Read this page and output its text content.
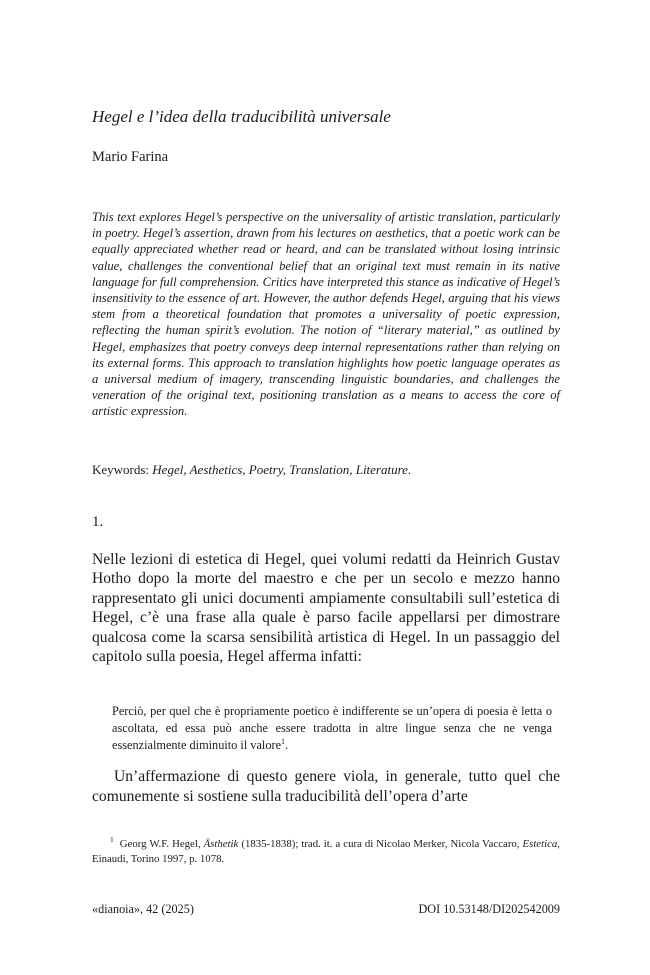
Hegel e l’idea della traducibilità universale
Mario Farina

This text explores Hegel’s perspective on the universality of artistic translation, particularly in poetry. Hegel’s assertion, drawn from his lectures on aesthetics, that a poetic work can be equally appreciated whether read or heard, and can be translated without losing intrinsic value, challenges the conventional belief that an original text must remain in its native language for full comprehension. Critics have interpreted this stance as indicative of Hegel’s insensitivity to the essence of art. However, the author defends Hegel, arguing that his views stem from a theoretical foundation that promotes a universality of poetic expression, reflecting the human spirit’s evolution. The notion of “literary material,” as outlined by Hegel, emphasizes that poetry conveys deep internal representations rather than relying on its external forms. This approach to translation highlights how poetic language operates as a universal medium of imagery, transcending linguistic boundaries, and challenges the veneration of the original text, positioning translation as a means to access the core of artistic expression.

Keywords: Hegel, Aesthetics, Poetry, Translation, Literature.
1.

Nelle lezioni di estetica di Hegel, quei volumi redatti da Heinrich Gustav Hotho dopo la morte del maestro e che per un secolo e mezzo hanno rappresentato gli unici documenti ampiamente consultabili sull’estetica di Hegel, c’è una frase alla quale è parso facile appellarsi per dimostrare qualcosa come la scarsa sensibilità artistica di Hegel. In un passaggio del capitolo sulla poesia, Hegel afferma infatti:

Perciò, per quel che è propriamente poetico è indifferente se un’opera di poesia è letta o ascoltata, ed essa può anche essere tradotta in altre lingue senza che ne venga essenzialmente diminuito il valore$^1$.

Un’affermazione di questo genere viola, in generale, tutto quel che comunemente si sostiene sulla traducibilità dell’opera d’arte

$^1$ Georg W.F. Hegel, Ästhetik (1835-1838); trad. it. a cura di Nicolao Merker, Nicola Vaccaro, Estetica, Einaudi, Torino 1997, p. 1078.

«dianoia», 42 (2025)	DOI 10.53148/DI202542009
